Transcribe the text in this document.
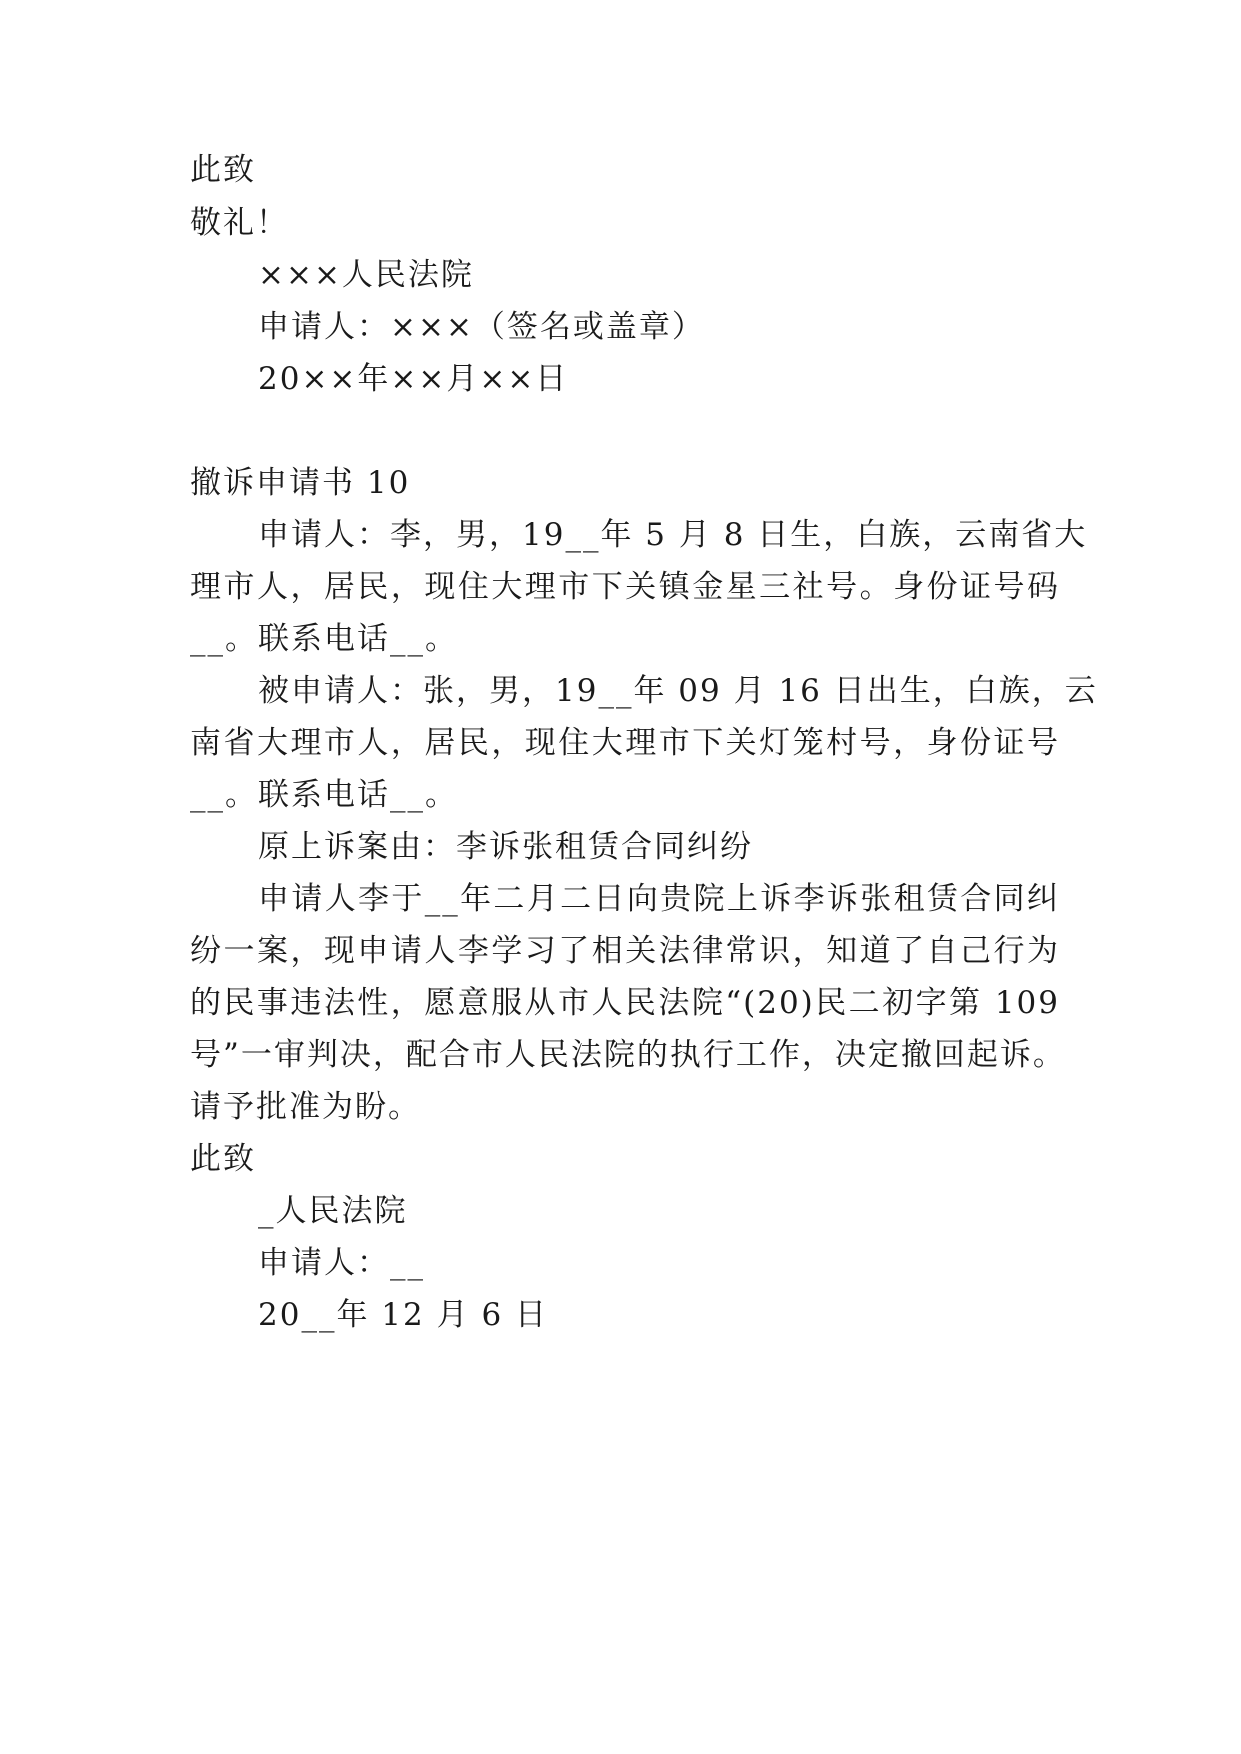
此致
敬礼！
×××人民法院
申请人：×××（签名或盖章）
20××年××月××日
撤诉申请书 10
申请人：李，男，19__年 5 月 8 日生，白族，云南省大
理市人，居民，现住大理市下关镇金星三社号。身份证号码
__。联系电话__。
被申请人：张，男，19__年 09 月 16 日出生，白族，云
南省大理市人，居民，现住大理市下关灯笼村号，身份证号
__。联系电话__。
原上诉案由：李诉张租赁合同纠纷
申请人李于__年二月二日向贵院上诉李诉张租赁合同纠
纷一案，现申请人李学习了相关法律常识，知道了自己行为
的民事违法性，愿意服从市人民法院“(20)民二初字第 109
号”一审判决，配合市人民法院的执行工作，决定撤回起诉。
请予批准为盼。
此致
_人民法院
申请人：__
20__年 12 月 6 日
